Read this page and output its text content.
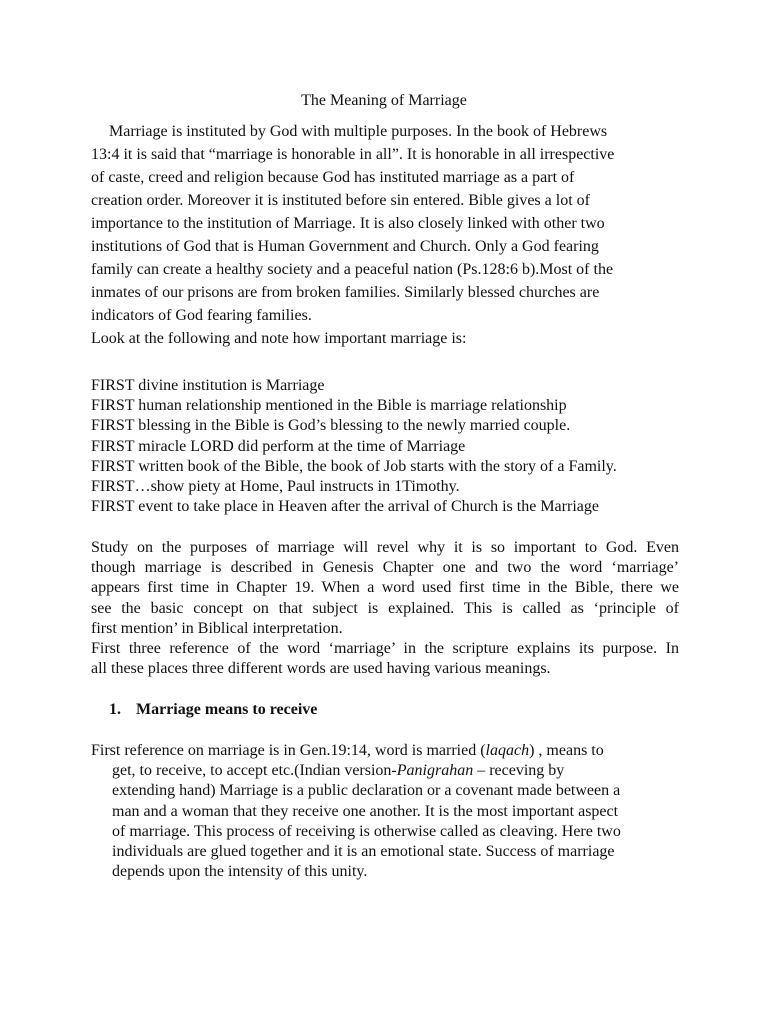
The Meaning of Marriage
Marriage is instituted by God with multiple purposes. In the book of Hebrews
13:4 it is said that “marriage is honorable in all”. It is honorable in all irrespective
of caste, creed and religion because God has instituted marriage as a part of
creation order. Moreover it is instituted before sin entered. Bible gives a lot of
importance to the institution of Marriage. It is also closely linked with other two
institutions of God that is Human Government and Church. Only a God fearing
family can create a healthy society and a peaceful nation (Ps.128:6 b).Most of the
inmates of our prisons are from broken families. Similarly blessed churches are
indicators of God fearing families.
Look at the following and note how important marriage is:
FIRST divine institution is Marriage
FIRST human relationship mentioned in the Bible is marriage relationship
FIRST blessing in the Bible is God’s blessing to the newly married couple.
FIRST miracle LORD did perform at the time of Marriage
FIRST written book of the Bible, the book of Job starts with the story of a Family.
FIRST…show piety at Home, Paul instructs in 1Timothy.
FIRST event to take place in Heaven after the arrival of Church is the Marriage
Study on the purposes of marriage will revel why it is so important to God. Even
though marriage is described in Genesis Chapter one and two the word ‘marriage’
appears first time in Chapter 19. When a word used first time in the Bible, there we
see the basic concept on that subject is explained. This is called as ‘principle of
first mention’ in Biblical interpretation.
First three reference of the word ‘marriage’ in the scripture explains its purpose. In
all these places three different words are used having various meanings.
1. Marriage means to receive
First reference on marriage is in Gen.19:14, word is married (laqach) , means to
get, to receive, to accept etc.(Indian version-Panigrahan – receving by
extending hand) Marriage is a public declaration or a covenant made between a
man and a woman that they receive one another. It is the most important aspect
of marriage. This process of receiving is otherwise called as cleaving. Here two
individuals are glued together and it is an emotional state. Success of marriage
depends upon the intensity of this unity.
